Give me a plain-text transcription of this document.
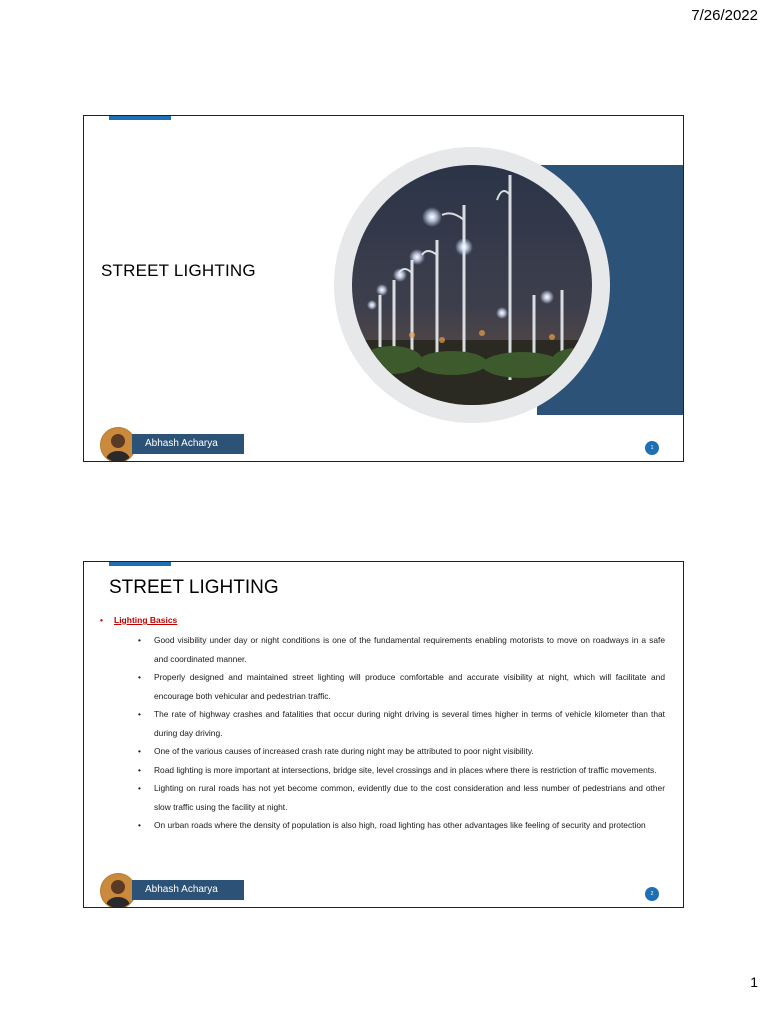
7/26/2022
STREET LIGHTING
Abhash Acharya	1
STREET LIGHTING
• Lighting Basics
• Good visibility under day or night conditions is one of the fundamental requirements enabling motorists to move on roadways in a safe and coordinated manner.
• Properly designed and maintained street lighting will produce comfortable and accurate visibility at night, which will facilitate and encourage both vehicular and pedestrian traffic.
• The rate of highway crashes and fatalities that occur during night driving is several times higher in terms of vehicle kilometer than that during day driving.
• One of the various causes of increased crash rate during night may be attributed to poor night visibility.
• Road lighting is more important at intersections, bridge site, level crossings and in places where there is restriction of traffic movements.
• Lighting on rural roads has not yet become common, evidently due to the cost consideration and less number of pedestrians and other slow traffic using the facility at night.
• On urban roads where the density of population is also high, road lighting has other advantages like feeling of security and protection
Abhash Acharya	2
1
